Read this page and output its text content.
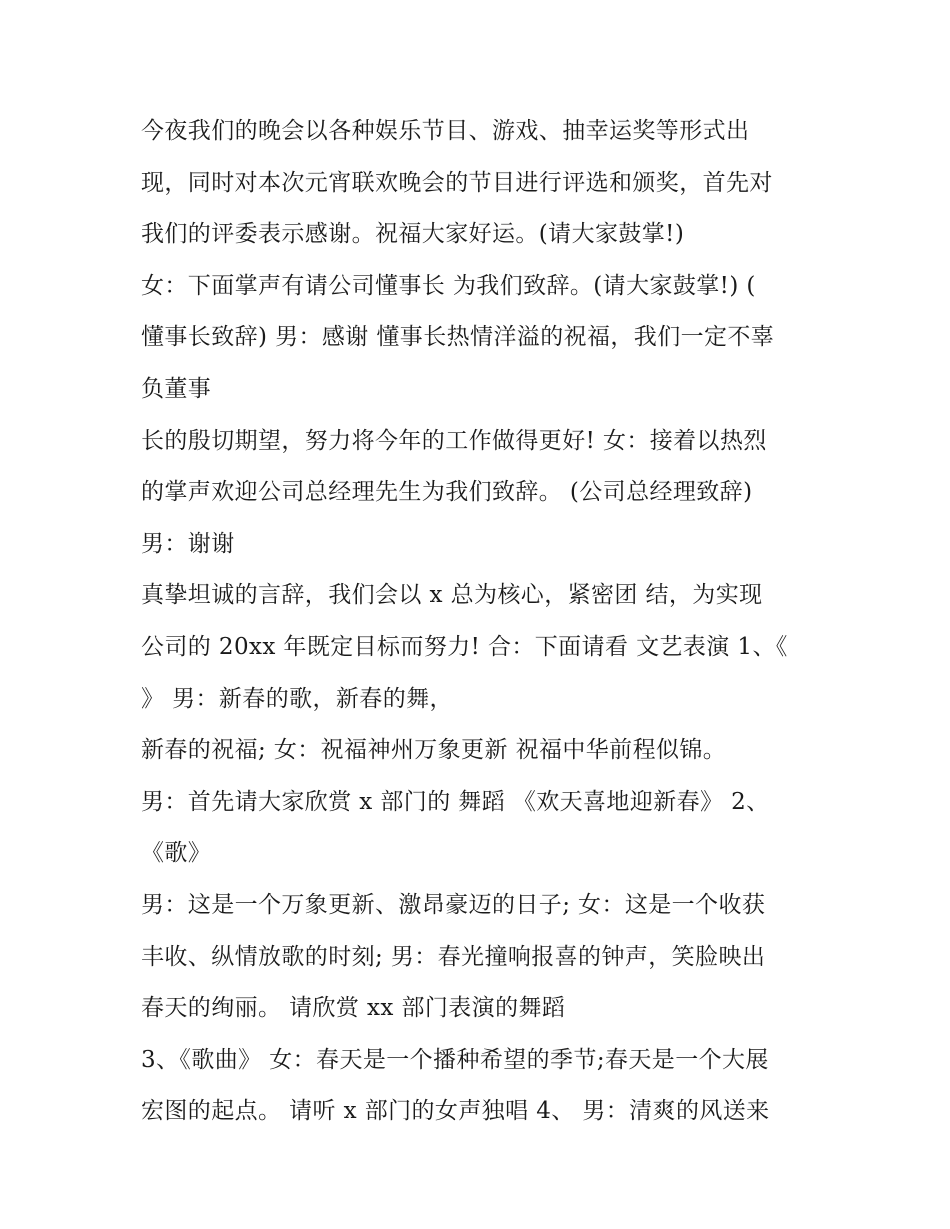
今夜我们的晚会以各种娱乐节目、游戏、抽幸运奖等形式出
现，同时对本次元宵联欢晚会的节目进行评选和颁奖，首先对
我们的评委表示感谢。祝福大家好运。(请大家鼓掌!)
女：下面掌声有请公司懂事长 为我们致辞。(请大家鼓掌!) (
懂事长致辞) 男：感谢 懂事长热情洋溢的祝福，我们一定不辜
负董事
长的殷切期望，努力将今年的工作做得更好! 女：接着以热烈
的掌声欢迎公司总经理先生为我们致辞。 (公司总经理致辞)
男：谢谢
真挚坦诚的言辞，我们会以 x 总为核心，紧密团 结，为实现
公司的 20xx 年既定目标而努力! 合：下面请看 文艺表演 1、《
》 男：新春的歌，新春的舞，
新春的祝福; 女：祝福神州万象更新 祝福中华前程似锦。
男：首先请大家欣赏 x 部门的 舞蹈 《欢天喜地迎新春》 2、
《歌》
男：这是一个万象更新、激昂豪迈的日子; 女：这是一个收获
丰收、纵情放歌的时刻; 男：春光撞响报喜的钟声，笑脸映出
春天的绚丽。 请欣赏 xx 部门表演的舞蹈
3、《歌曲》 女：春天是一个播种希望的季节;春天是一个大展
宏图的起点。 请听 x 部门的女声独唱 4、 男：清爽的风送来
